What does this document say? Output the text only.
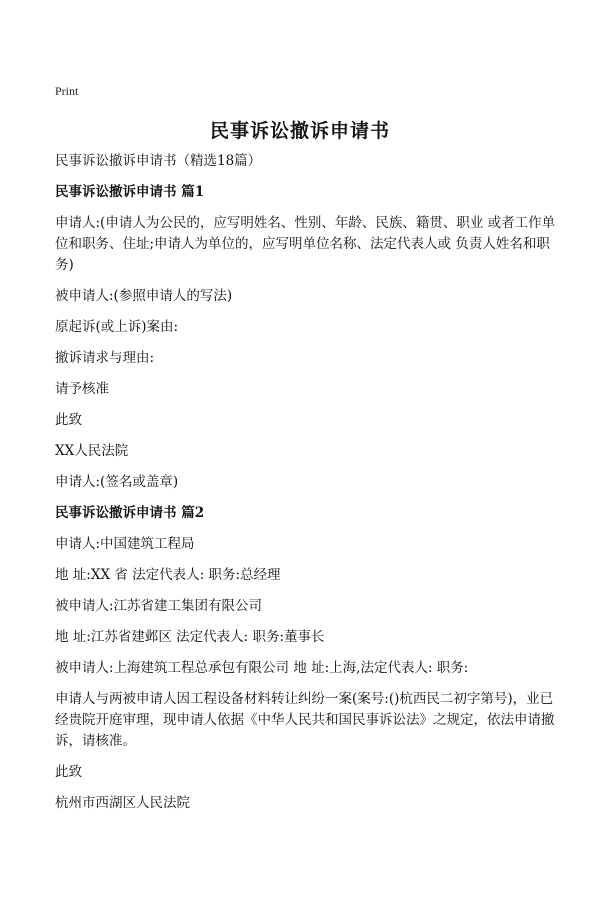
Print
民事诉讼撤诉申请书

民事诉讼撤诉申请书（精选18篇）

民事诉讼撤诉申请书 篇1

申请人:(申请人为公民的，应写明姓名、性别、年龄、民族、籍贯、职业 或者工作单位和职务、住址;申请人为单位的，应写明单位名称、法定代表人或 负责人姓名和职务)

被申请人:(参照申请人的写法)

原起诉(或上诉)案由:

撤诉请求与理由:

请予核准

此致

XX人民法院

申请人:(签名或盖章)

民事诉讼撤诉申请书 篇2

申请人:中国建筑工程局

地 址:XX 省 法定代表人: 职务:总经理

被申请人:江苏省建工集团有限公司

地 址:江苏省建邺区 法定代表人: 职务:董事长

被申请人:上海建筑工程总承包有限公司 地 址:上海,法定代表人: 职务:

申请人与两被申请人因工程设备材料转让纠纷一案(案号:()杭西民二初字第号)，业已经贵院开庭审理，现申请人依据《中华人民共和国民事诉讼法》之规定，依法申请撤诉，请核准。

此致

杭州市西湖区人民法院
